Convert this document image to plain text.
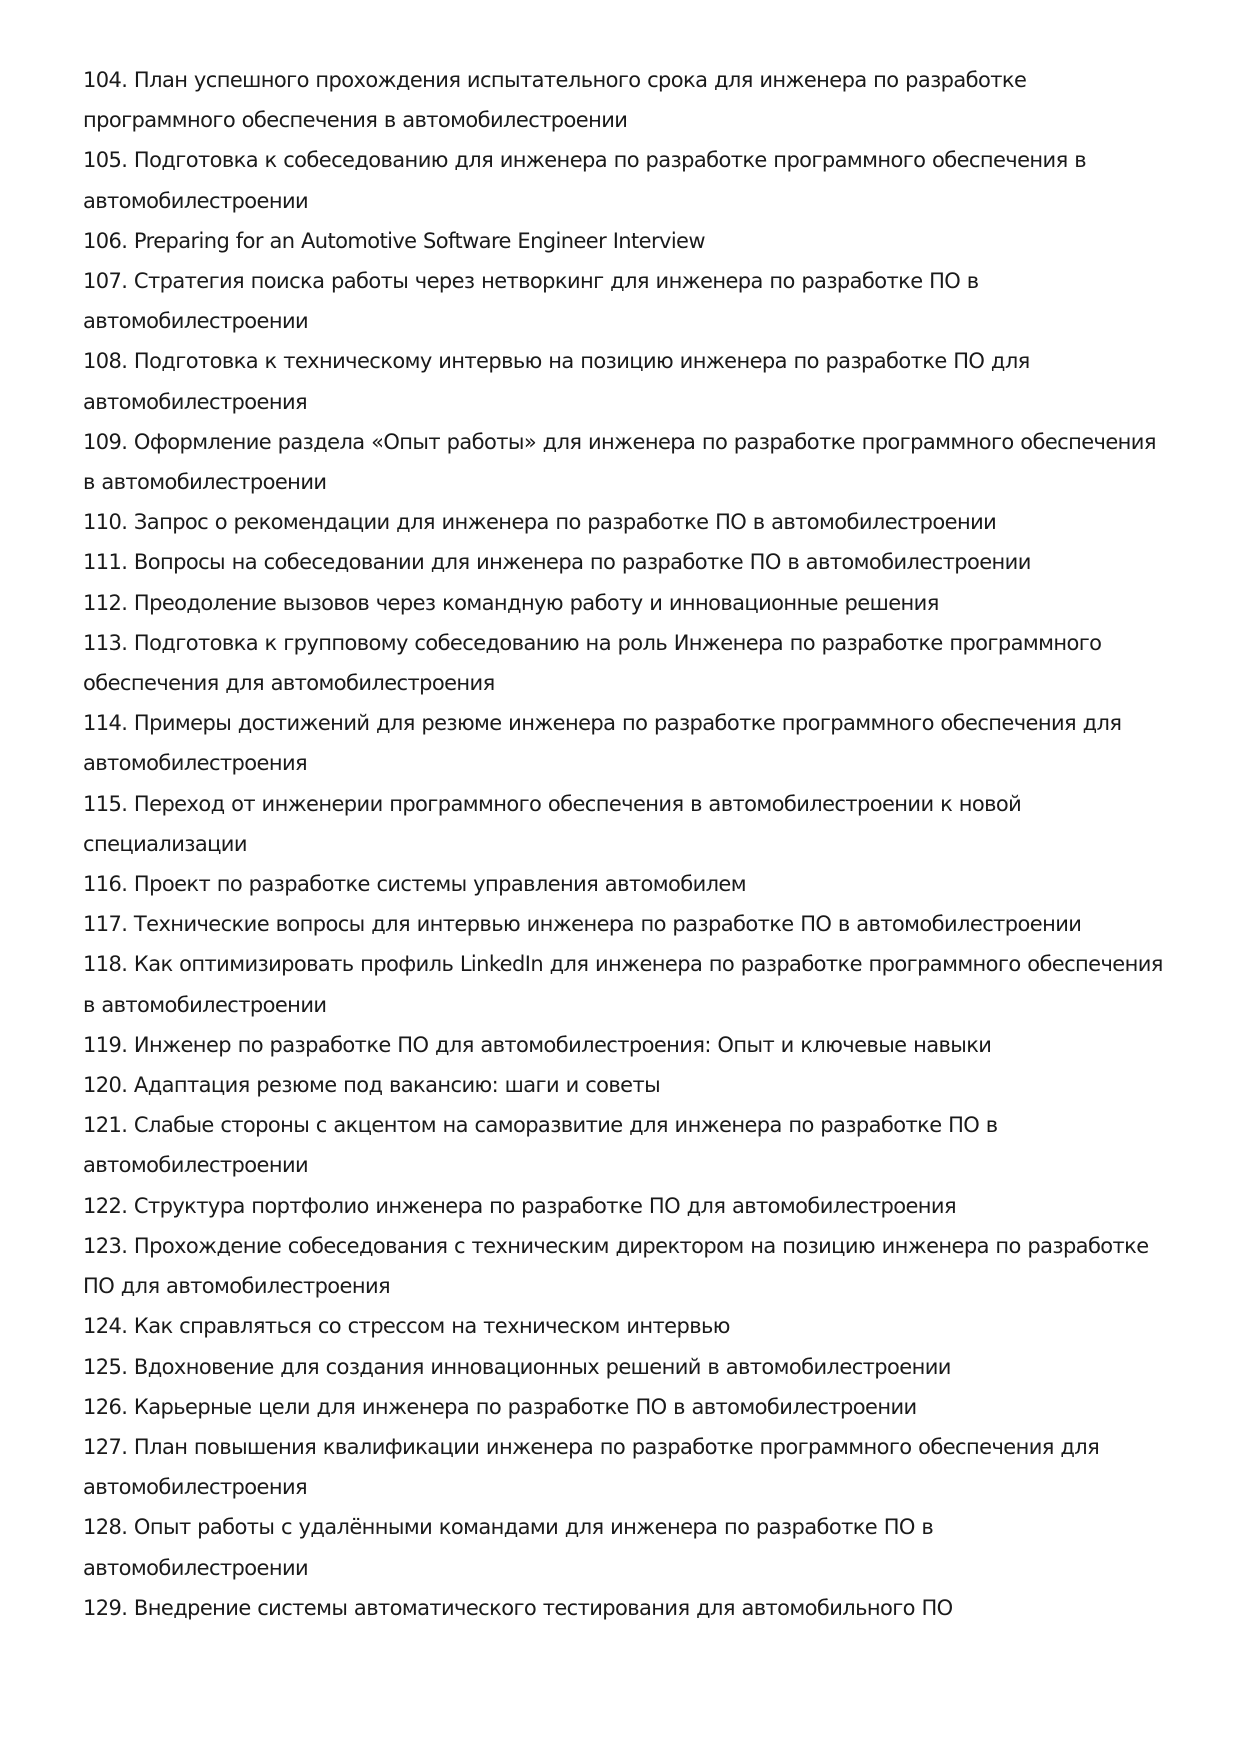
104. План успешного прохождения испытательного срока для инженера по разработке программного обеспечения в автомобилестроении
105. Подготовка к собеседованию для инженера по разработке программного обеспечения в автомобилестроении
106. Preparing for an Automotive Software Engineer Interview
107. Стратегия поиска работы через нетворкинг для инженера по разработке ПО в автомобилестроении
108. Подготовка к техническому интервью на позицию инженера по разработке ПО для автомобилестроения
109. Оформление раздела «Опыт работы» для инженера по разработке программного обеспечения в автомобилестроении
110. Запрос о рекомендации для инженера по разработке ПО в автомобилестроении
111. Вопросы на собеседовании для инженера по разработке ПО в автомобилестроении
112. Преодоление вызовов через командную работу и инновационные решения
113. Подготовка к групповому собеседованию на роль Инженера по разработке программного обеспечения для автомобилестроения
114. Примеры достижений для резюме инженера по разработке программного обеспечения для автомобилестроения
115. Переход от инженерии программного обеспечения в автомобилестроении к новой специализации
116. Проект по разработке системы управления автомобилем
117. Технические вопросы для интервью инженера по разработке ПО в автомобилестроении
118. Как оптимизировать профиль LinkedIn для инженера по разработке программного обеспечения в автомобилестроении
119. Инженер по разработке ПО для автомобилестроения: Опыт и ключевые навыки
120. Адаптация резюме под вакансию: шаги и советы
121. Слабые стороны с акцентом на саморазвитие для инженера по разработке ПО в автомобилестроении
122. Структура портфолио инженера по разработке ПО для автомобилестроения
123. Прохождение собеседования с техническим директором на позицию инженера по разработке ПО для автомобилестроения
124. Как справляться со стрессом на техническом интервью
125. Вдохновение для создания инновационных решений в автомобилестроении
126. Карьерные цели для инженера по разработке ПО в автомобилестроении
127. План повышения квалификации инженера по разработке программного обеспечения для автомобилестроения
128. Опыт работы с удалёнными командами для инженера по разработке ПО в автомобилестроении
129. Внедрение системы автоматического тестирования для автомобильного ПО
